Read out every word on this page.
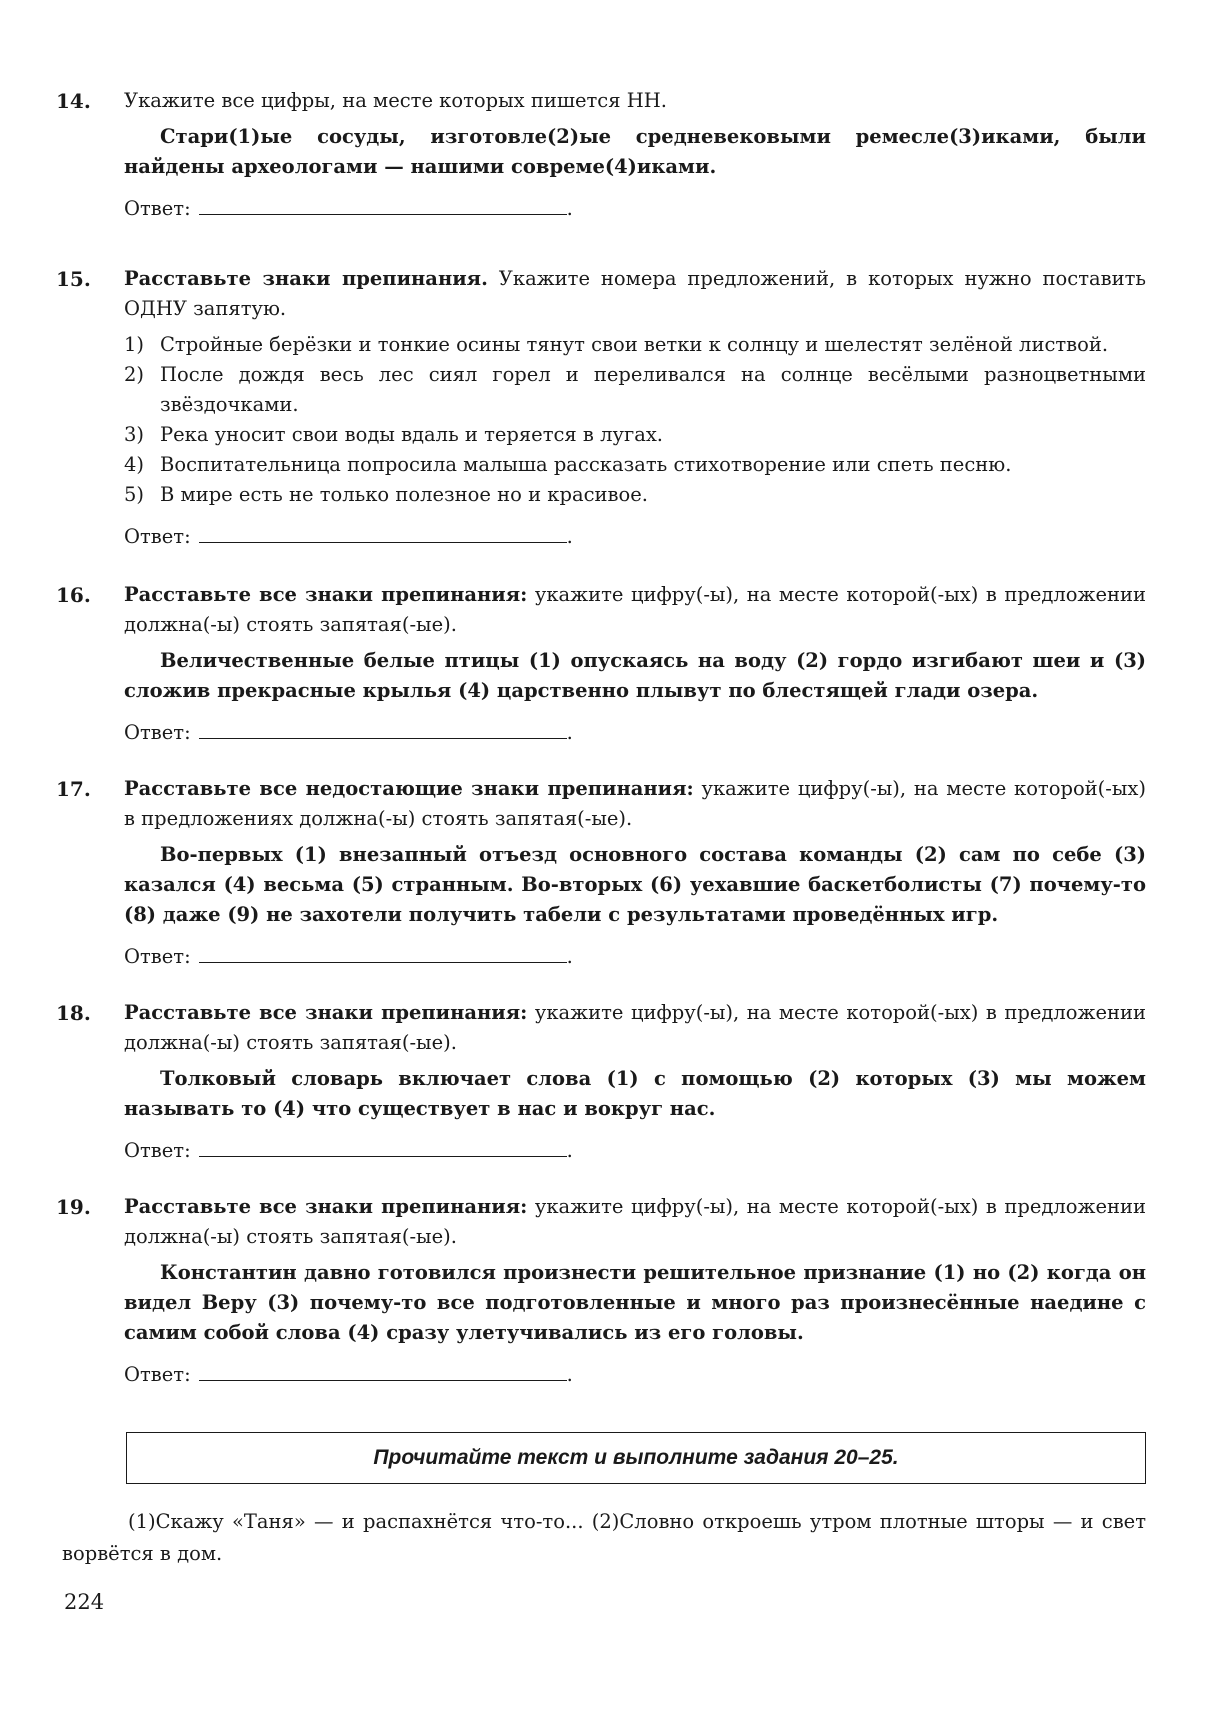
14. Укажите все цифры, на месте которых пишется НН.

Стари(1)ые сосуды, изготовле(2)ые средневековыми ремесле(3)иками, были найдены археологами — нашими совреме(4)иками.

Ответ:	.

15. Расставьте знаки препинания. Укажите номера предложений, в которых нужно поставить ОДНУ запятую.

1) Стройные берёзки и тонкие осины тянут свои ветки к солнцу и шелестят зелёной листвой.
2) После дождя весь лес сиял горел и переливался на солнце весёлыми разноцветными звёздочками.
3) Река уносит свои воды вдаль и теряется в лугах.
4) Воспитательница попросила малыша рассказать стихотворение или спеть песню.
5) В мире есть не только полезное но и красивое.

Ответ:	.

16. Расставьте все знаки препинания: укажите цифру(-ы), на месте которой(-ых) в предложении должна(-ы) стоять запятая(-ые).

Величественные белые птицы (1) опускаясь на воду (2) гордо изгибают шеи и (3) сложив прекрасные крылья (4) царственно плывут по блестящей глади озера.

Ответ:	.

17. Расставьте все недостающие знаки препинания: укажите цифру(-ы), на месте которой(-ых) в предложениях должна(-ы) стоять запятая(-ые).

Во-первых (1) внезапный отъезд основного состава команды (2) сам по себе (3) казался (4) весьма (5) странным. Во-вторых (6) уехавшие баскетболисты (7) почему-то (8) даже (9) не захотели получить табели с результатами проведённых игр.

Ответ:	.

18. Расставьте все знаки препинания: укажите цифру(-ы), на месте которой(-ых) в предложении должна(-ы) стоять запятая(-ые).

Толковый словарь включает слова (1) с помощью (2) которых (3) мы можем называть то (4) что существует в нас и вокруг нас.

Ответ:	.

19. Расставьте все знаки препинания: укажите цифру(-ы), на месте которой(-ых) в предложении должна(-ы) стоять запятая(-ые).

Константин давно готовился произнести решительное признание (1) но (2) когда он видел Веру (3) почему-то все подготовленные и много раз произнесённые наедине с самим собой слова (4) сразу улетучивались из его головы.

Ответ:	.

Прочитайте текст и выполните задания 20–25.
(1)Скажу «Таня» — и распахнётся что-то... (2)Словно откроешь утром плотные шторы — и свет ворвётся в дом.
224
